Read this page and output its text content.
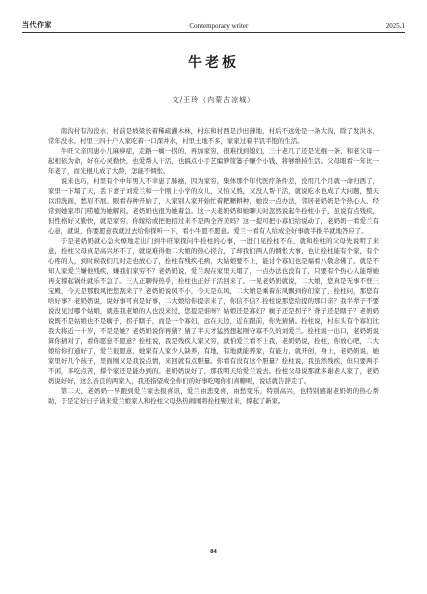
当代作家	Contemporary writer	2025.1
牛老板
文/王玲（内蒙古凉城）

南沟村有沟没水，村前是坡梁长着稀疏灌木林，村东和村西是沙田薄地，村后不远处是一条大沟，除了发洪水，常年没水。村里三四十户人家吃着一口深井水，村里土地不多，家家过着半饥半饱的生活。

牛旺父亲因患小儿麻痹症，走路一瘸一拐的，再加家穷，很难找到媳妇，三十老几了还是光棍一条，和老父母一起相依为命，好在心灵勤快，也爱帮人干活，也搞点小手艺编箩筐篓子赚个小钱，将够维持生活。父母眼看一年比一年老了，而光棍儿成了大龄，怎能不惆怅。

说来也巧，村里有个中年男人不幸患了肺癌，因为家穷，集体那个年代医疗条件差，没用几个月就一命归西了，家里一下塌了天，丢下妻子刘爱兰和一个刚上小学的女儿，又怕又熬，又没人帮干活，就说吃水也成了大问题，整天以泪洗面，愁眉不展。眼看春种开始了，人家别人家开始忙着耙耱耕种，她没一点办法，邻居老奶奶是个热心人，经常到她家串门唠嗑为她解闷。老奶奶也很为她着急。这一天老奶奶和她聊天时忽然说起牛拴柱小子，虽说有点残疾，但性格好又勤快，就是家穷，你嫁给或把他招过来不是两全齐美吗？这一提可把小寡妇给说动了，老奶奶一看爱兰有心意，就说，你要愿意我就过去给你探听一下，看小牛愿不愿意。爱兰一看有人给成全好事就半推半就地答应了。

于是老奶奶就心急火燎地走出门到牛旺家探问牛拴柱的心事，一进门见拴柱不在，就和拴柱的父母先说明了来意，拴柱父母真是高兴坏不了，就说难得他二大娘的热心搓合，了却我们两人的惆怅大事，也让拴柱能有个家，有个心疼的人，到时候我们几时走也放心了，拴柱有残疾毛病，大姑娘要不上，能讨个寡妇也是福看八敬念佛了。就是不知人家爱兰嫌他残疾，嫌我们家穷不？老奶奶说，爱兰现在家里天塌了，一点办法也没有了，只要有个热心人能帮她再支撑起锅灶就乐不急了。三人正聊得热乎，拴柱也正好干活回来了。一见老奶奶就说，二大娘，您真是无事不登三宝殿，今天是那股风把您刮来了？老奶奶说风不小，今天是东风，二大娘是乘着东风飘到你们家了，拴柱问，那您有啥好事？老奶奶说，说好事可真是好事，二大娘给你提亲来了，你信不信？拴柱说那您给提的那口亲？我半辈子不要说没见过哪个姑娘，就连我老娘的人也没来过，您提是谁呀？姑娘还是寡妇？瘸子还是拐子？聋子还是瞎子？老奶奶说既不是姑娘也不是瘸子，拐子瞎子，而是一个寡妇，远在天边，近在跟前，你先猜猜。拴柱说，村东头有个寡妇比我大将近一十岁，不是是她？老奶奶说你再猜？猜了半天才猛然想起刚守寡不久的刘爱兰。拴柱说一出口，老奶奶说算你猜对了，看你愿意不愿意？拴柱说，我是残疾人家又穷，就怕爱兰看不上我，老奶奶说，拴柱，你放心吧，二大娘给你打通好了，爱兰很愿意，她家有人家少人缺养，有地，有地就能养家，有能力，就开创，身上，老奶奶说，她家里好几个孩子，里面刚又是我说点情，来回就有点胆量。你看有没有这个胆量？拴柱说，我虽然残疾，但只要两手不闲，多吃点苦，撑个家还是能办到的。老奶奶说好了，那我明天给爱兰说去。拴柱父母说那就多谢老人家了，老奶奶说好好，这么善良的两家人，我还指望成全你们的好事吃喝你们喜糖呢，说话就告辞走了。

第二天，老奶奶一早跑到爱兰家去报喜讯，爱兰由悲变喜，由愁变乐，特别高兴，也特别感谢老奶奶的热心帮助，于是定好日子请来爱兰娘家人和拴柱父母热热闹闹将拴柱娶过来，撑起了新家。

84
